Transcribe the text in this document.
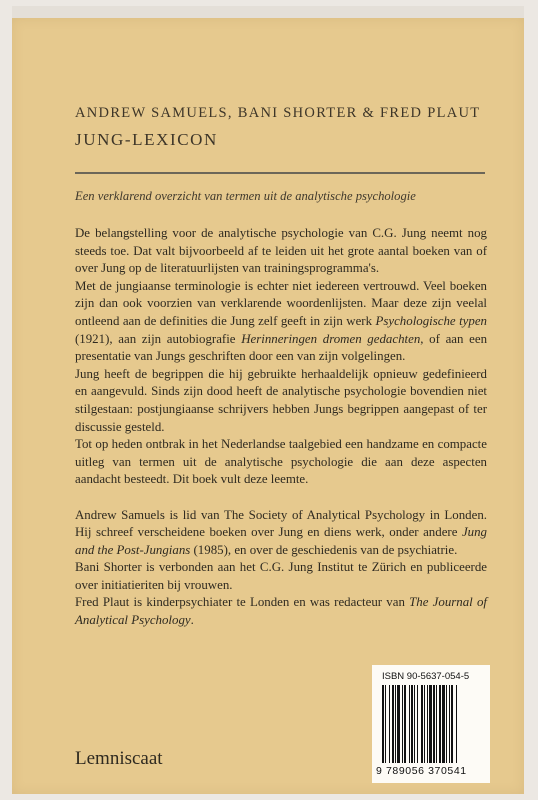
ANDREW SAMUELS, BANI SHORTER & FRED PLAUT
JUNG-LEXICON
Een verklarend overzicht van termen uit de analytische psychologie

De belangstelling voor de analytische psychologie van C.G. Jung neemt nog steeds toe. Dat valt bijvoorbeeld af te leiden uit het grote aantal boeken van of over Jung op de literatuurlijsten van trainingsprogramma's.

Met de jungiaanse terminologie is echter niet iedereen vertrouwd. Veel boeken zijn dan ook voorzien van verklarende woordenlijsten. Maar deze zijn veelal ontleend aan de definities die Jung zelf geeft in zijn werk Psychologische typen (1921), aan zijn autobiografie Herinneringen dromen gedachten, of aan een presentatie van Jungs geschriften door een van zijn volgelingen.

Jung heeft de begrippen die hij gebruikte herhaaldelijk opnieuw gedefinieerd en aangevuld. Sinds zijn dood heeft de analytische psychologie bovendien niet stilgestaan: postjungiaanse schrijvers hebben Jungs begrippen aangepast of ter discussie gesteld.

Tot op heden ontbrak in het Nederlandse taalgebied een handzame en compacte uitleg van termen uit de analytische psychologie die aan deze aspecten aandacht besteedt. Dit boek vult deze leemte.

Andrew Samuels is lid van The Society of Analytical Psychology in Londen. Hij schreef verscheidene boeken over Jung en diens werk, onder andere Jung and the Post-Jungians (1985), en over de geschiedenis van de psychiatrie.

Bani Shorter is verbonden aan het C.G. Jung Institut te Zürich en publiceerde over initiatieriten bij vrouwen.

Fred Plaut is kinderpsychiater te Londen en was redacteur van The Journal of Analytical Psychology.

ISBN 90-5637-054-5
9 789056 370541
Lemniscaat
